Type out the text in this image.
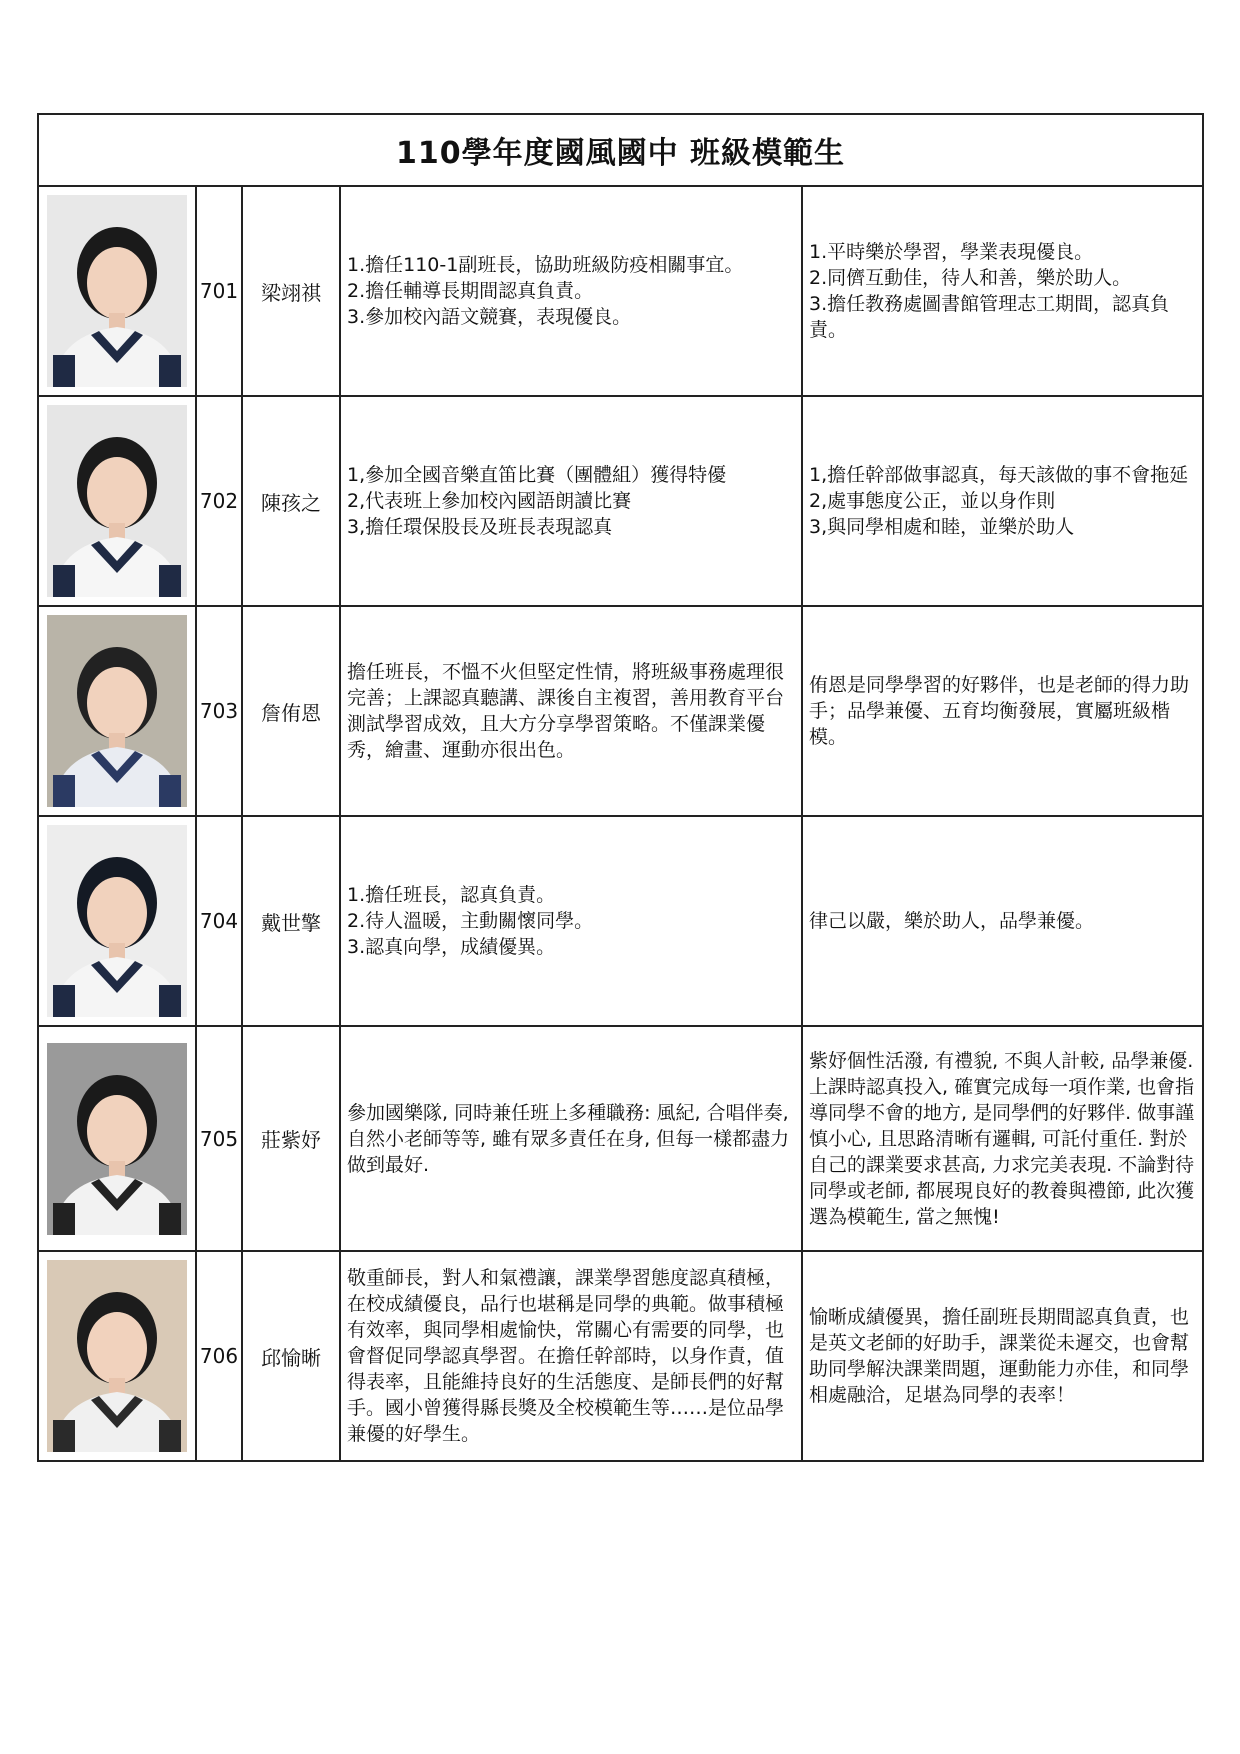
110學年度國風國中 班級模範生				

	701	梁翊祺	1.擔任110-1副班長，協助班級防疫相關事宜。
2.擔任輔導長期間認真負責。
3.參加校內語文競賽，表現優良。	1.平時樂於學習，學業表現優良。
2.同儕互動佳，待人和善，樂於助人。
3.擔任教務處圖書館管理志工期間，認真負責。

	702	陳孩之	1,參加全國音樂直笛比賽（團體組）獲得特優
2,代表班上參加校內國語朗讀比賽
3,擔任環保股長及班長表現認真	1,擔任幹部做事認真，每天該做的事不會拖延
2,處事態度公正，並以身作則
3,與同學相處和睦，並樂於助人

	703	詹侑恩	擔任班長，不慍不火但堅定性情，將班級事務處理很完善；上課認真聽講、課後自主複習，善用教育平台測試學習成效，且大方分享學習策略。不僅課業優秀，繪畫、運動亦很出色。	侑恩是同學學習的好夥伴，也是老師的得力助手；品學兼優、五育均衡發展，實屬班級楷模。

	704	戴世擎	1.擔任班長，認真負責。
2.待人溫暖，主動關懷同學。
3.認真向學，成績優異。	律己以嚴，樂於助人，品學兼優。

	705	莊紫妤	參加國樂隊, 同時兼任班上多種職務: 風紀, 合唱伴奏, 自然小老師等等, 雖有眾多責任在身, 但每一樣都盡力做到最好.	紫妤個性活潑, 有禮貌, 不與人計較, 品學兼優. 上課時認真投入, 確實完成每一項作業, 也會指導同學不會的地方, 是同學們的好夥伴. 做事謹慎小心, 且思路清晰有邏輯, 可託付重任. 對於自己的課業要求甚高, 力求完美表現. 不論對待同學或老師, 都展現良好的教養與禮節, 此次獲選為模範生, 當之無愧!

	706	邱愉晰	敬重師長，對人和氣禮讓，課業學習態度認真積極，在校成績優良，品行也堪稱是同學的典範。做事積極有效率，與同學相處愉快，常關心有需要的同學，也會督促同學認真學習。在擔任幹部時，以身作責，值得表率，且能維持良好的生活態度、是師長們的好幫手。國小曾獲得縣長獎及全校模範生等……是位品學兼優的好學生。	愉晰成績優異，擔任副班長期間認真負責，也是英文老師的好助手，課業從未遲交，也會幫助同學解決課業問題，運動能力亦佳，和同學相處融洽，足堪為同學的表率！
